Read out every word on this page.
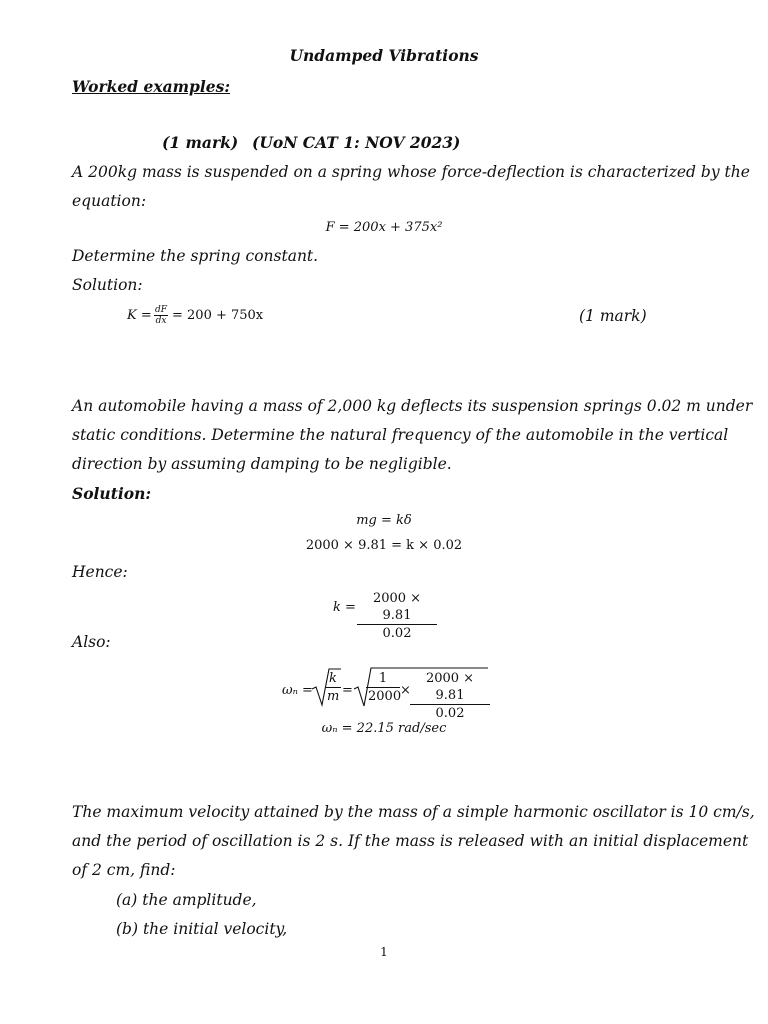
Undamped Vibrations
Worked examples:
(1 mark) (UoN CAT 1: NOV 2023)
A 200kg mass is suspended on a spring whose force-deflection is characterized by the
equation:
F = 200x + 375x²
Determine the spring constant.
Solution:
$K = \frac{dF}{dx} = 200 + 750x$	(1 mark)
An automobile having a mass of 2,000 kg deflects its suspension springs 0.02 m under
static conditions. Determine the natural frequency of the automobile in the vertical
direction by assuming damping to be negligible.
Solution:
mg = kδ
2000 × 9.81 = k × 0.02
Hence:
$k = \frac{2000 \times 9.81}{0.02}$
Also:
$\omega_n = \frac{k}{m} = \frac{1}{2000} \times \frac{2000 \times 9.81}{0.02}$
ωₙ = 22.15 rad/sec
The maximum velocity attained by the mass of a simple harmonic oscillator is 10 cm/s,
and the period of oscillation is 2 s. If the mass is released with an initial displacement
of 2 cm, find:
(a) the amplitude,
(b) the initial velocity,
1
